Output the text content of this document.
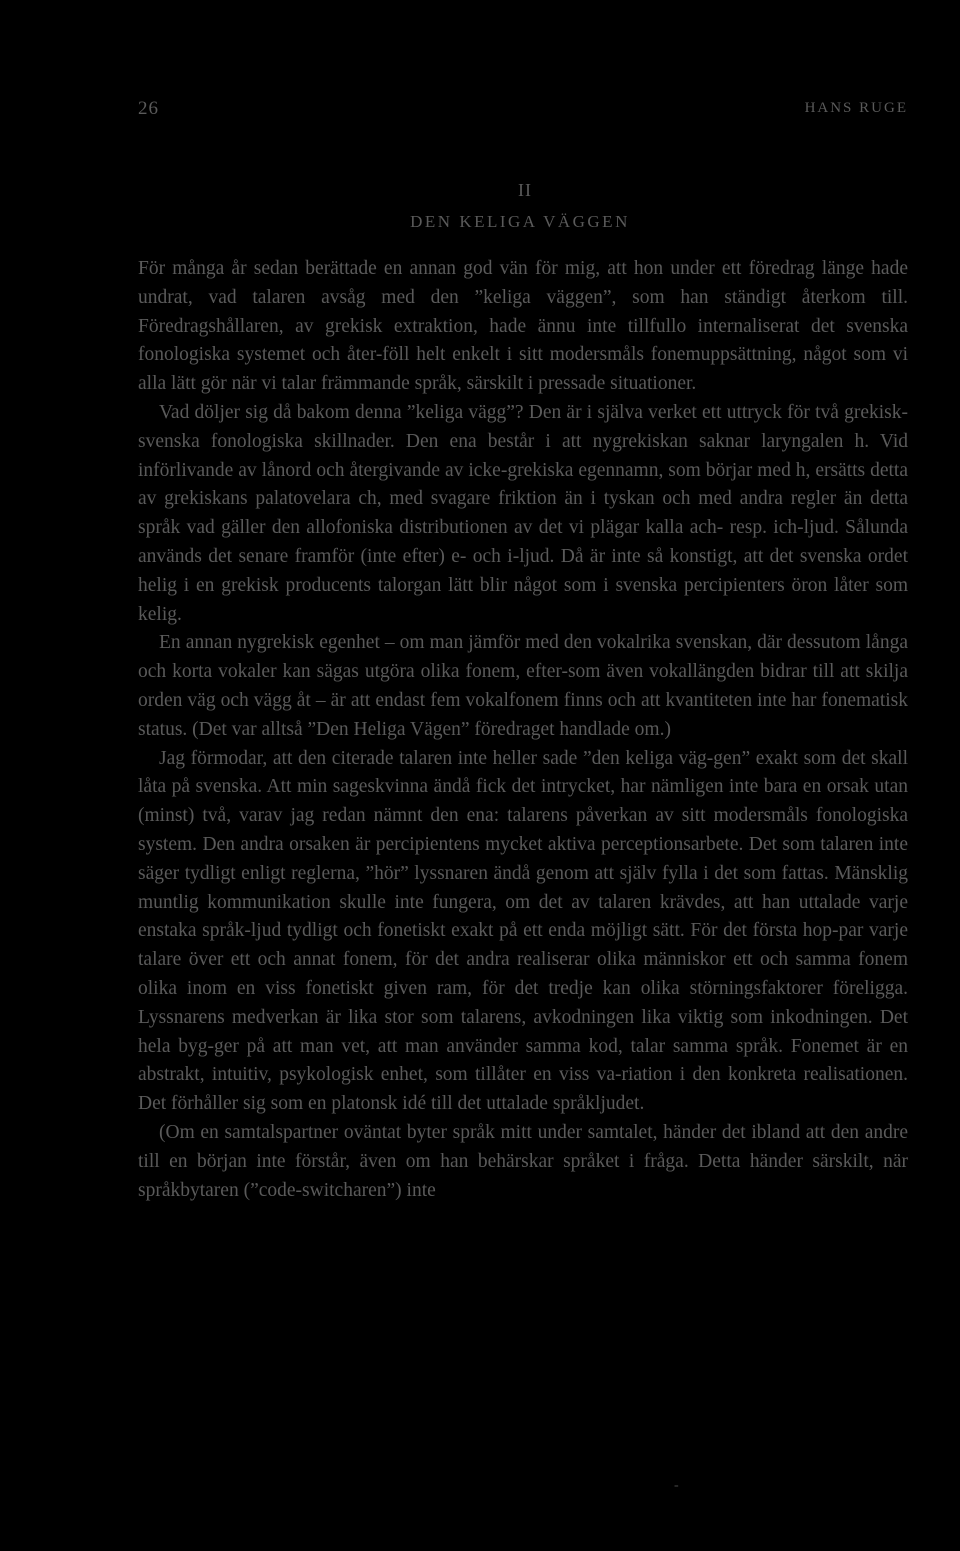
26	HANS RUGE
II
DEN KELIGA VÄGGEN

För många år sedan berättade en annan god vän för mig, att hon under ett föredrag länge hade undrat, vad talaren avsåg med den ”keliga väggen”, som han ständigt återkom till. Föredragshållaren, av grekisk extraktion, hade ännu inte tillfullo internaliserat det svenska fonologiska systemet och åter-föll helt enkelt i sitt modersmåls fonemuppsättning, något som vi alla lätt gör när vi talar främmande språk, särskilt i pressade situationer.

Vad döljer sig då bakom denna ”keliga vägg”? Den är i själva verket ett uttryck för två grekisk-svenska fonologiska skillnader. Den ena består i att nygrekiskan saknar laryngalen h. Vid införlivande av lånord och återgivande av icke-grekiska egennamn, som börjar med h, ersätts detta av grekiskans palatovelara ch, med svagare friktion än i tyskan och med andra regler än detta språk vad gäller den allofoniska distributionen av det vi plägar kalla ach- resp. ich-ljud. Sålunda används det senare framför (inte efter) e- och i-ljud. Då är inte så konstigt, att det svenska ordet helig i en grekisk producents talorgan lätt blir något som i svenska percipienters öron låter som kelig.

En annan nygrekisk egenhet – om man jämför med den vokalrika svenskan, där dessutom långa och korta vokaler kan sägas utgöra olika fonem, efter-som även vokallängden bidrar till att skilja orden väg och vägg åt – är att endast fem vokalfonem finns och att kvantiteten inte har fonematisk status. (Det var alltså ”Den Heliga Vägen” föredraget handlade om.)

Jag förmodar, att den citerade talaren inte heller sade ”den keliga väg-gen” exakt som det skall låta på svenska. Att min sageskvinna ändå fick det intrycket, har nämligen inte bara en orsak utan (minst) två, varav jag redan nämnt den ena: talarens påverkan av sitt modersmåls fonologiska system. Den andra orsaken är percipientens mycket aktiva perceptionsarbete. Det som talaren inte säger tydligt enligt reglerna, ”hör” lyssnaren ändå genom att själv fylla i det som fattas. Mänsklig muntlig kommunikation skulle inte fungera, om det av talaren krävdes, att han uttalade varje enstaka språk-ljud tydligt och fonetiskt exakt på ett enda möjligt sätt. För det första hop-par varje talare över ett och annat fonem, för det andra realiserar olika människor ett och samma fonem olika inom en viss fonetiskt given ram, för det tredje kan olika störningsfaktorer föreligga. Lyssnarens medverkan är lika stor som talarens, avkodningen lika viktig som inkodningen. Det hela byg-ger på att man vet, att man använder samma kod, talar samma språk. Fonemet är en abstrakt, intuitiv, psykologisk enhet, som tillåter en viss va-riation i den konkreta realisationen. Det förhåller sig som en platonsk idé till det uttalade språkljudet.

(Om en samtalspartner oväntat byter språk mitt under samtalet, händer det ibland att den andre till en början inte förstår, även om han behärskar språket i fråga. Detta händer särskilt, när språkbytaren (”code-switcharen”) inte

-
